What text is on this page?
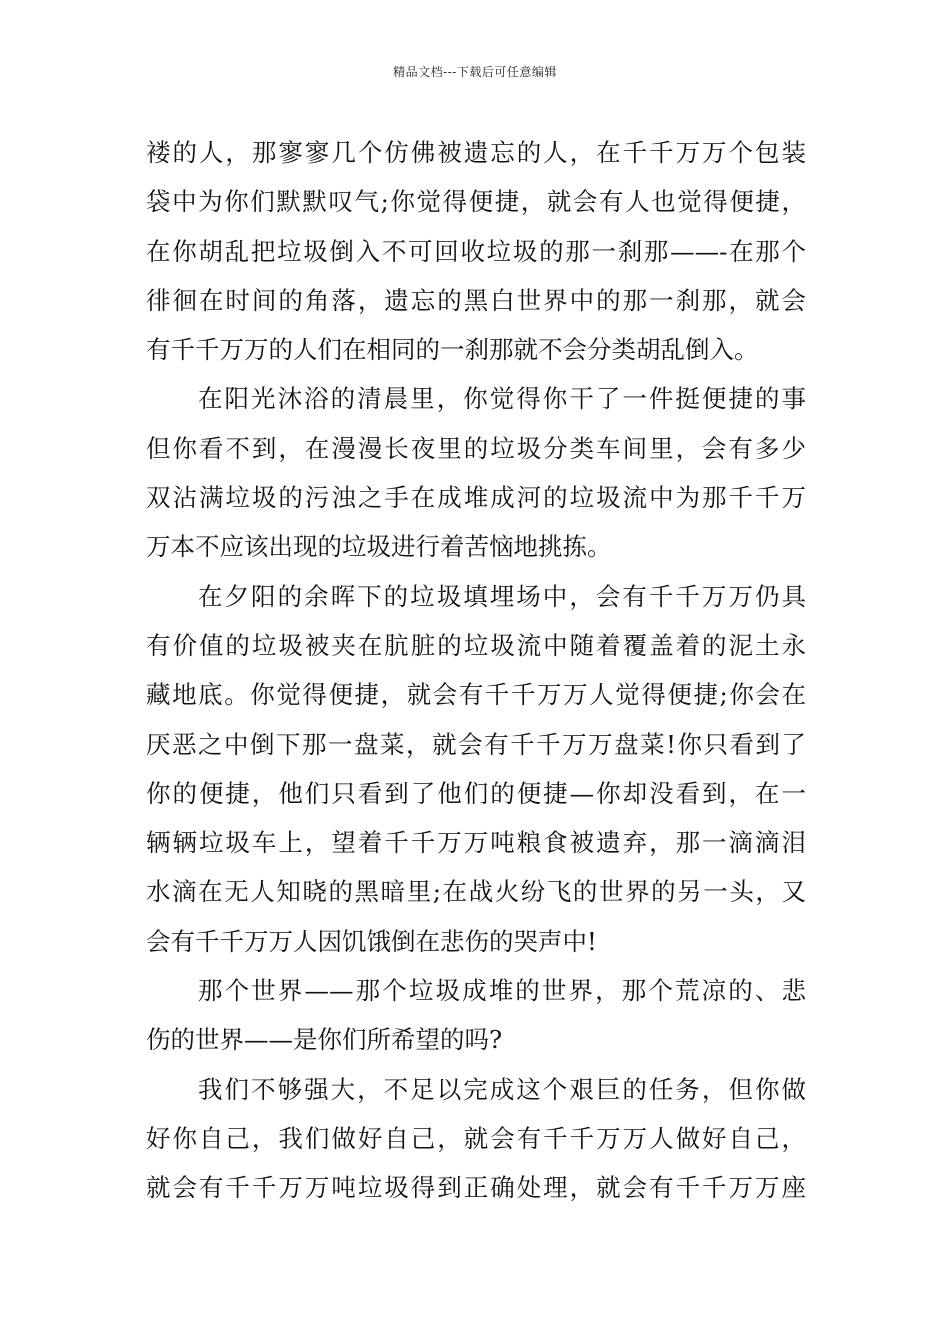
精品文档---下载后可任意编辑
褛的人，那寥寥几个仿佛被遗忘的人，在千千万万个包装
袋中为你们默默叹气;你觉得便捷，就会有人也觉得便捷，
在你胡乱把垃圾倒入不可回收垃圾的那一刹那——-在那个
徘徊在时间的角落，遗忘的黑白世界中的那一刹那，就会
有千千万万的人们在相同的一刹那就不会分类胡乱倒入。
在阳光沐浴的清晨里，你觉得你干了一件挺便捷的事
但你看不到，在漫漫长夜里的垃圾分类车间里，会有多少
双沾满垃圾的污浊之手在成堆成河的垃圾流中为那千千万
万本不应该出现的垃圾进行着苦恼地挑拣。
在夕阳的余晖下的垃圾填埋场中，会有千千万万仍具
有价值的垃圾被夹在肮脏的垃圾流中随着覆盖着的泥土永
藏地底。你觉得便捷，就会有千千万万人觉得便捷;你会在
厌恶之中倒下那一盘菜，就会有千千万万盘菜!你只看到了
你的便捷，他们只看到了他们的便捷—你却没看到，在一
辆辆垃圾车上，望着千千万万吨粮食被遗弃，那一滴滴泪
水滴在无人知晓的黑暗里;在战火纷飞的世界的另一头，又
会有千千万万人因饥饿倒在悲伤的哭声中!
那个世界——那个垃圾成堆的世界，那个荒凉的、悲
伤的世界——是你们所希望的吗?
我们不够强大，不足以完成这个艰巨的任务，但你做
好你自己，我们做好自己，就会有千千万万人做好自己，
就会有千千万万吨垃圾得到正确处理，就会有千千万万座
